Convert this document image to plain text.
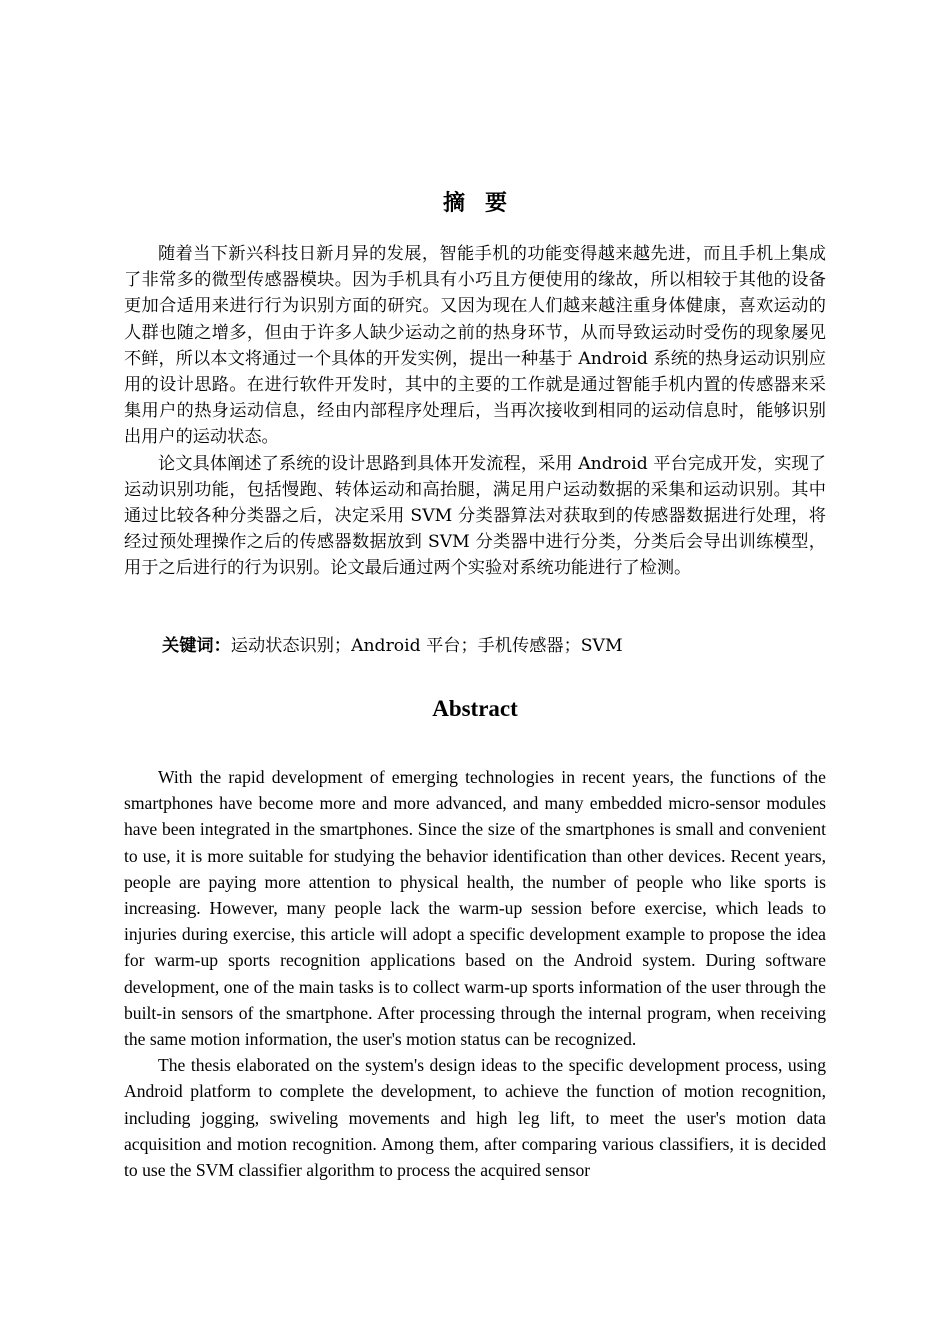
摘要

随着当下新兴科技日新月异的发展，智能手机的功能变得越来越先进，而且手机上集成了非常多的微型传感器模块。因为手机具有小巧且方便使用的缘故，所以相较于其他的设备更加合适用来进行行为识别方面的研究。又因为现在人们越来越注重身体健康，喜欢运动的人群也随之增多，但由于许多人缺少运动之前的热身环节，从而导致运动时受伤的现象屡见不鲜，所以本文将通过一个具体的开发实例，提出一种基于 Android 系统的热身运动识别应用的设计思路。在进行软件开发时，其中的主要的工作就是通过智能手机内置的传感器来采集用户的热身运动信息，经由内部程序处理后，当再次接收到相同的运动信息时，能够识别出用户的运动状态。

论文具体阐述了系统的设计思路到具体开发流程，采用 Android 平台完成开发，实现了运动识别功能，包括慢跑、转体运动和高抬腿，满足用户运动数据的采集和运动识别。其中通过比较各种分类器之后，决定采用 SVM 分类器算法对获取到的传感器数据进行处理，将经过预处理操作之后的传感器数据放到 SVM 分类器中进行分类，分类后会导出训练模型，用于之后进行的行为识别。论文最后通过两个实验对系统功能进行了检测。

关键词：运动状态识别；Android 平台；手机传感器；SVM
Abstract

With the rapid development of emerging technologies in recent years, the functions of the smartphones have become more and more advanced, and many embedded micro-sensor modules have been integrated in the smartphones. Since the size of the smartphones is small and convenient to use, it is more suitable for studying the behavior identification than other devices. Recent years, people are paying more attention to physical health, the number of people who like sports is increasing. However, many people lack the warm-up session before exercise, which leads to injuries during exercise, this article will adopt a specific development example to propose the idea for warm-up sports recognition applications based on the Android system. During software development, one of the main tasks is to collect warm-up sports information of the user through the built-in sensors of the smartphone. After processing through the internal program, when receiving the same motion information, the user's motion status can be recognized.

The thesis elaborated on the system's design ideas to the specific development process, using Android platform to complete the development, to achieve the function of motion recognition, including jogging, swiveling movements and high leg lift, to meet the user's motion data acquisition and motion recognition. Among them, after comparing various classifiers, it is decided to use the SVM classifier algorithm to process the acquired sensor
